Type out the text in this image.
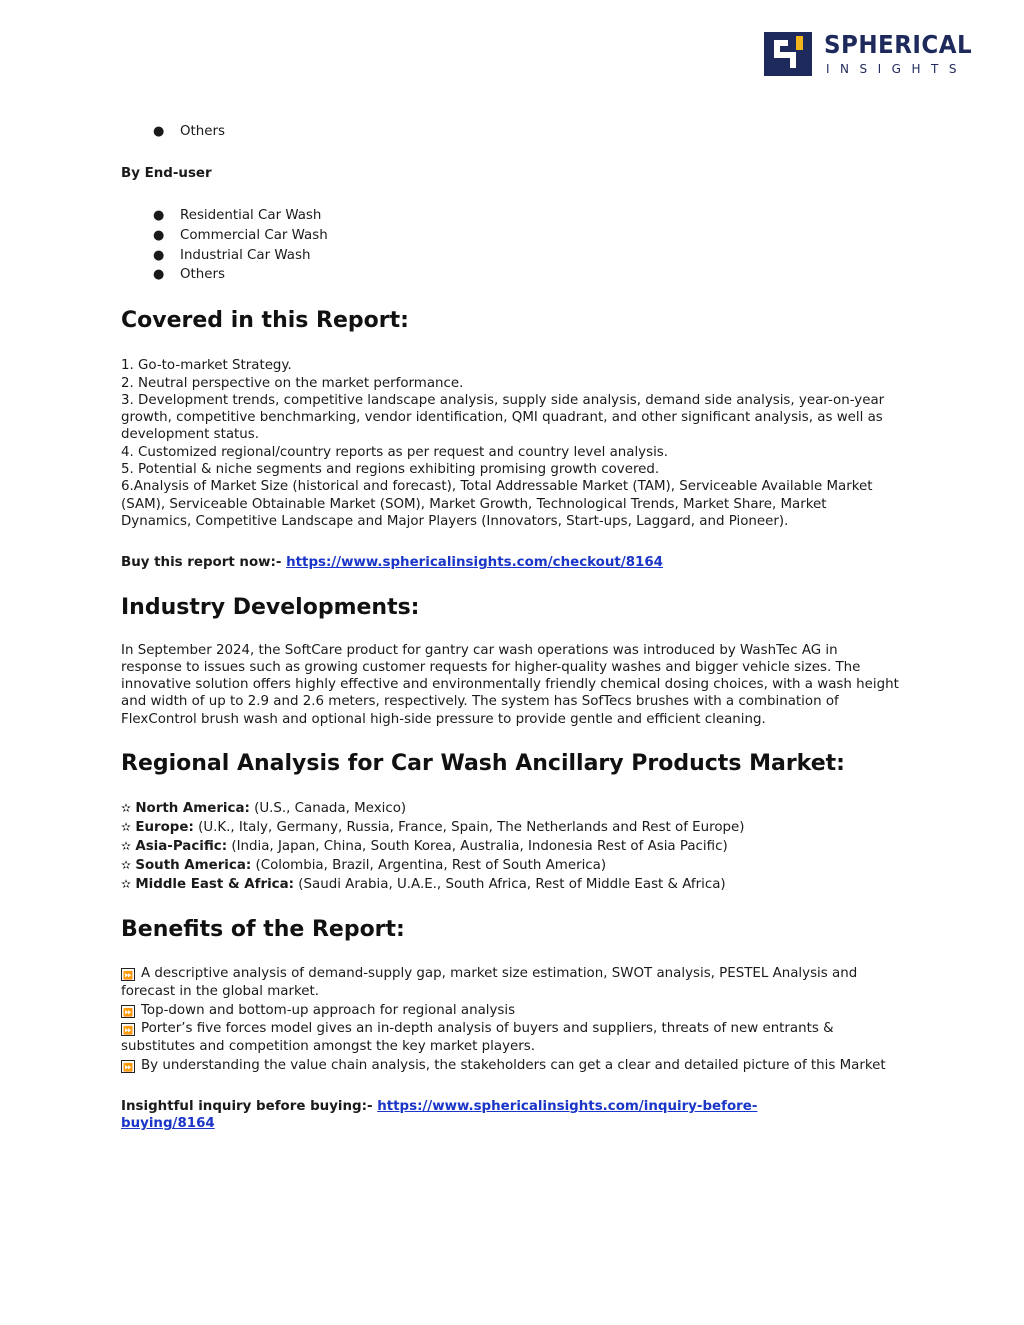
SPHERICAL
INSIGHTS
● Others

By End-user

● Residential Car Wash
● Commercial Car Wash
● Industrial Car Wash
● Others
Covered in this Report:

1. Go-to-market Strategy.

2. Neutral perspective on the market performance.

3. Development trends, competitive landscape analysis, supply side analysis, demand side analysis, year-on-year growth, competitive benchmarking, vendor identification, QMI quadrant, and other significant analysis, as well as development status.

4. Customized regional/country reports as per request and country level analysis.

5. Potential & niche segments and regions exhibiting promising growth covered.

6.Analysis of Market Size (historical and forecast), Total Addressable Market (TAM), Serviceable Available Market (SAM), Serviceable Obtainable Market (SOM), Market Growth, Technological Trends, Market Share, Market Dynamics, Competitive Landscape and Major Players (Innovators, Start-ups, Laggard, and Pioneer).

Buy this report now:- https://www.sphericalinsights.com/checkout/8164

Industry Developments:

In September 2024, the SoftCare product for gantry car wash operations was introduced by WashTec AG in response to issues such as growing customer requests for higher-quality washes and bigger vehicle sizes. The innovative solution offers highly effective and environmentally friendly chemical dosing choices, with a wash height and width of up to 2.9 and 2.6 meters, respectively. The system has SofTecs brushes with a combination of FlexControl brush wash and optional high-side pressure to provide gentle and efficient cleaning.

Regional Analysis for Car Wash Ancillary Products Market:
✫ North America: (U.S., Canada, Mexico)
✫ Europe: (U.K., Italy, Germany, Russia, France, Spain, The Netherlands and Rest of Europe)
✫ Asia-Pacific: (India, Japan, China, South Korea, Australia, Indonesia Rest of Asia Pacific)
✫ South America: (Colombia, Brazil, Argentina, Rest of South America)
✫ Middle East & Africa: (Saudi Arabia, U.A.E., South Africa, Rest of Middle East & Africa)
Benefits of the Report:
⏩ A descriptive analysis of demand-supply gap, market size estimation, SWOT analysis, PESTEL Analysis and forecast in the global market.
⏩ Top-down and bottom-up approach for regional analysis
⏩ Porter’s five forces model gives an in-depth analysis of buyers and suppliers, threats of new entrants & substitutes and competition amongst the key market players.
⏩ By understanding the value chain analysis, the stakeholders can get a clear and detailed picture of this Market

Insightful inquiry before buying:- https://www.sphericalinsights.com/inquiry-before-
buying/8164
